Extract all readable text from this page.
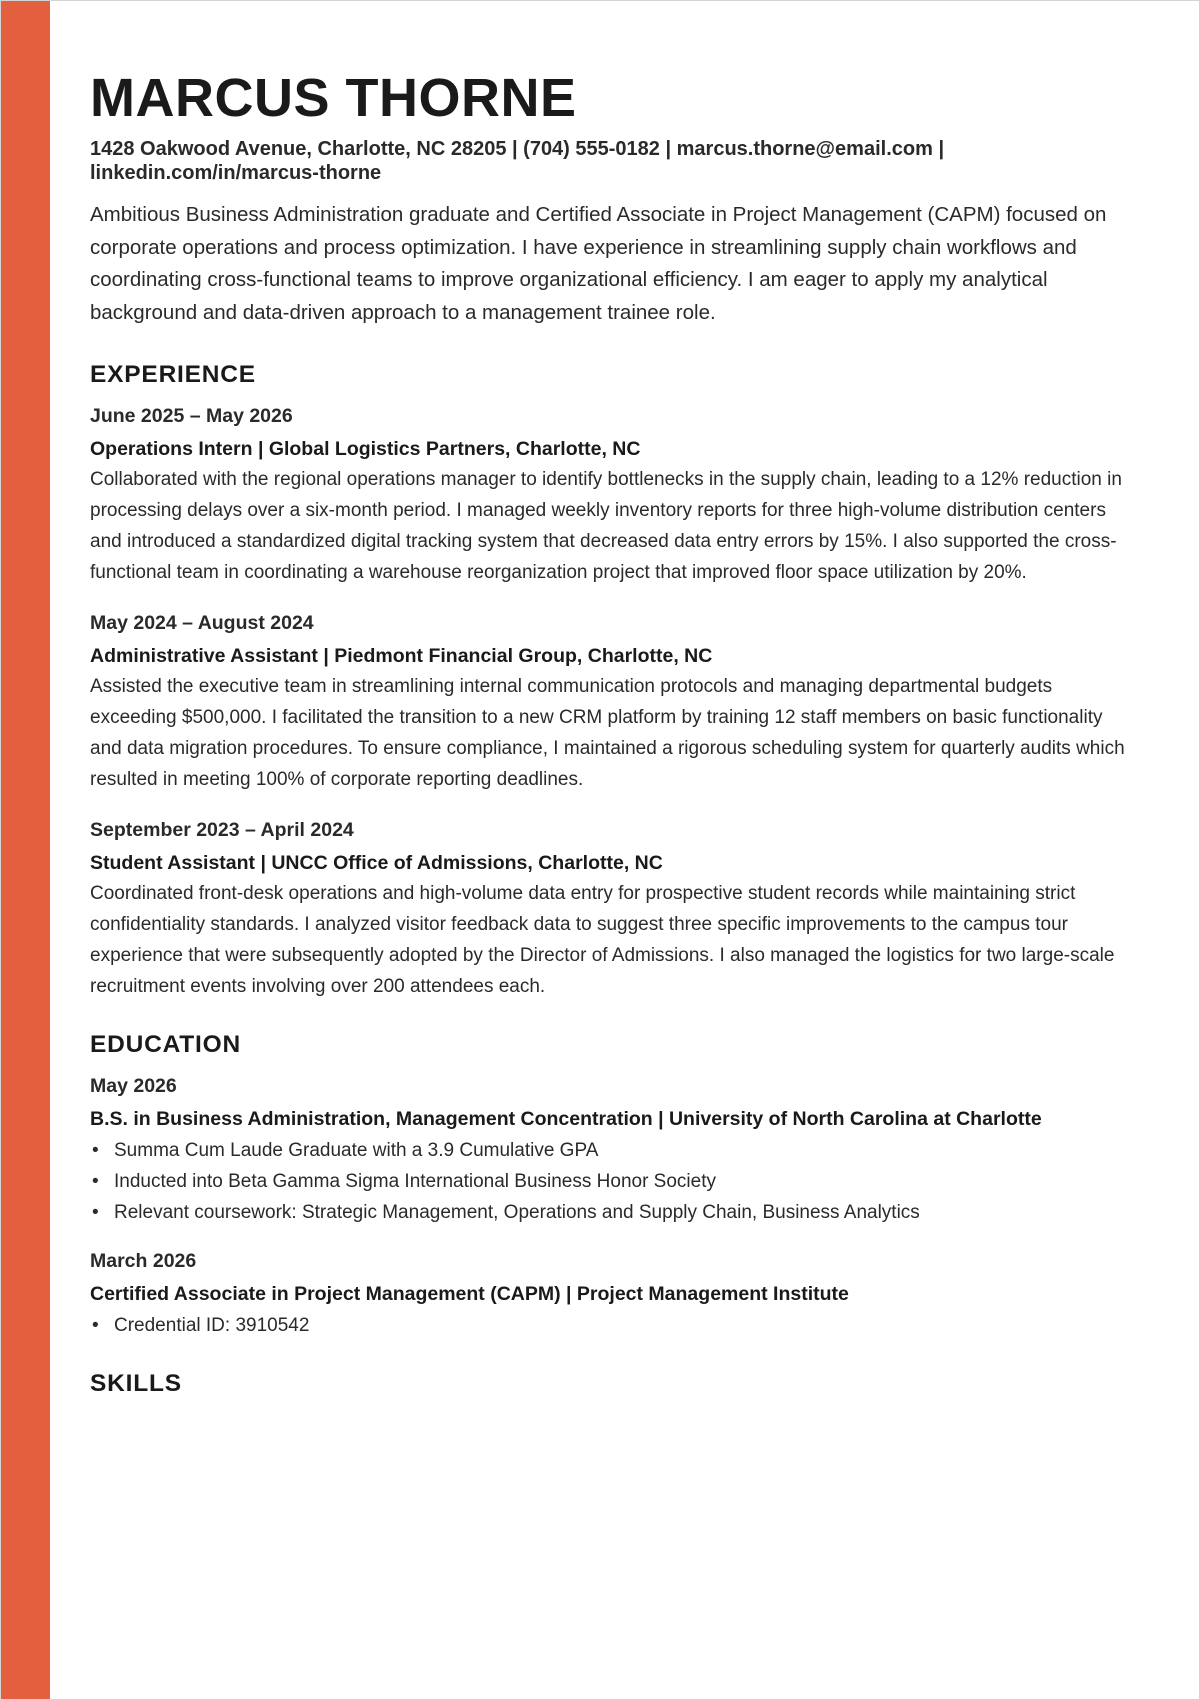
MARCUS THORNE
1428 Oakwood Avenue, Charlotte, NC 28205 | (704) 555-0182 | marcus.thorne@email.com | linkedin.com/in/marcus-thorne

Ambitious Business Administration graduate and Certified Associate in Project Management (CAPM) focused on corporate operations and process optimization. I have experience in streamlining supply chain workflows and coordinating cross-functional teams to improve organizational efficiency. I am eager to apply my analytical background and data-driven approach to a management trainee role.

EXPERIENCE
June 2025 – May 2026
Operations Intern | Global Logistics Partners, Charlotte, NC
Collaborated with the regional operations manager to identify bottlenecks in the supply chain, leading to a 12% reduction in processing delays over a six-month period. I managed weekly inventory reports for three high-volume distribution centers and introduced a standardized digital tracking system that decreased data entry errors by 15%. I also supported the cross-functional team in coordinating a warehouse reorganization project that improved floor space utilization by 20%.
May 2024 – August 2024
Administrative Assistant | Piedmont Financial Group, Charlotte, NC
Assisted the executive team in streamlining internal communication protocols and managing departmental budgets exceeding $500,000. I facilitated the transition to a new CRM platform by training 12 staff members on basic functionality and data migration procedures. To ensure compliance, I maintained a rigorous scheduling system for quarterly audits which resulted in meeting 100% of corporate reporting deadlines.
September 2023 – April 2024
Student Assistant | UNCC Office of Admissions, Charlotte, NC
Coordinated front-desk operations and high-volume data entry for prospective student records while maintaining strict confidentiality standards. I analyzed visitor feedback data to suggest three specific improvements to the campus tour experience that were subsequently adopted by the Director of Admissions. I also managed the logistics for two large-scale recruitment events involving over 200 attendees each.
EDUCATION
May 2026
B.S. in Business Administration, Management Concentration | University of North Carolina at Charlotte
• Summa Cum Laude Graduate with a 3.9 Cumulative GPA
• Inducted into Beta Gamma Sigma International Business Honor Society
• Relevant coursework: Strategic Management, Operations and Supply Chain, Business Analytics
March 2026
Certified Associate in Project Management (CAPM) | Project Management Institute
• Credential ID: 3910542
SKILLS
